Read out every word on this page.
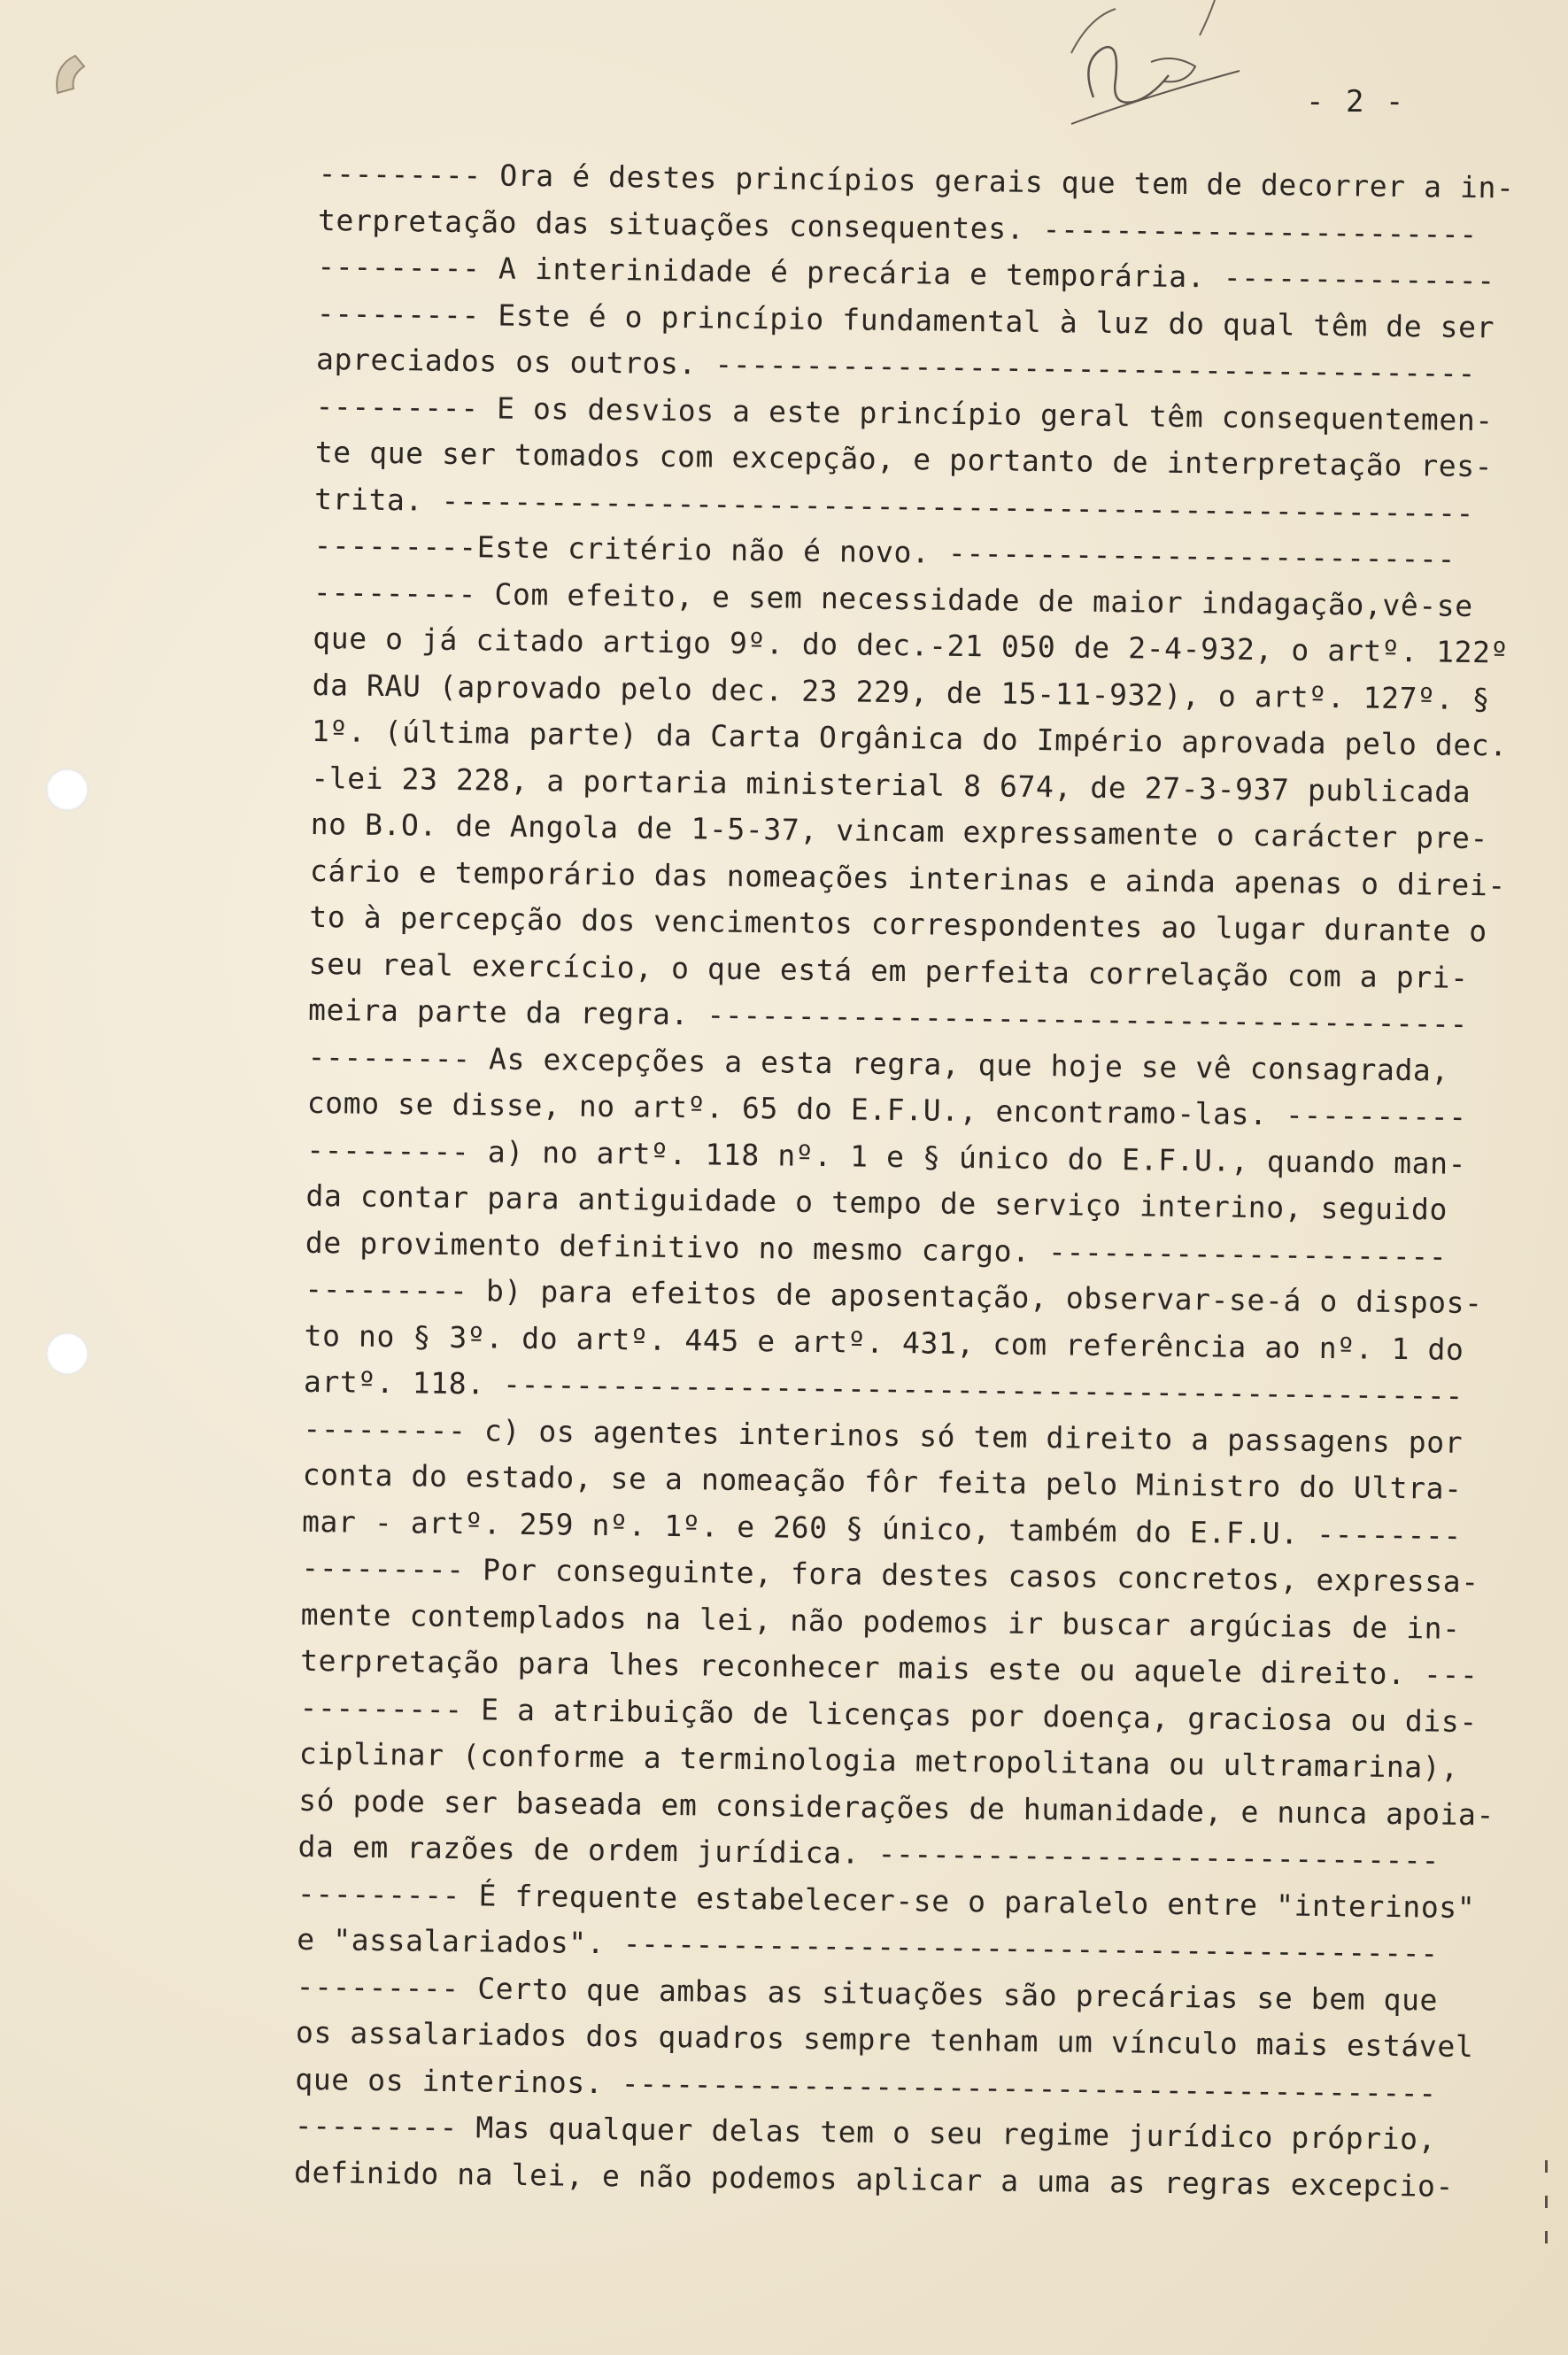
- 2 -
--------- Ora é destes princípios gerais que tem de decorrer a in-
terpretação das situações consequentes. ------------------------
--------- A interinidade é precária e temporária. ---------------
--------- Este é o princípio fundamental à luz do qual têm de ser
apreciados os outros. ------------------------------------------
--------- E os desvios a este princípio geral têm consequentemen-
te que ser tomados com excepção, e portanto de interpretação res-
trita. ---------------------------------------------------------
---------Este critério não é novo. ----------------------------
--------- Com efeito, e sem necessidade de maior indagação,vê-se
que o já citado artigo 9º. do dec.-21 050 de 2-4-932, o artº. 122º
da RAU (aprovado pelo dec. 23 229, de 15-11-932), o artº. 127º. §
1º. (última parte) da Carta Orgânica do Império aprovada pelo dec.
-lei 23 228, a portaria ministerial 8 674, de 27-3-937 publicada
no B.O. de Angola de 1-5-37, vincam expressamente o carácter pre-
cário e temporário das nomeações interinas e ainda apenas o direi-
to à percepção dos vencimentos correspondentes ao lugar durante o
seu real exercício, o que está em perfeita correlação com a pri-
meira parte da regra. ------------------------------------------
--------- As excepções a esta regra, que hoje se vê consagrada,
como se disse, no artº. 65 do E.F.U., encontramo-las. ----------
--------- a) no artº. 118 nº. 1 e § único do E.F.U., quando man-
da contar para antiguidade o tempo de serviço interino, seguido
de provimento definitivo no mesmo cargo. ----------------------
--------- b) para efeitos de aposentação, observar-se-á o dispos-
to no § 3º. do artº. 445 e artº. 431, com referência ao nº. 1 do
artº. 118. -----------------------------------------------------
--------- c) os agentes interinos só tem direito a passagens por
conta do estado, se a nomeação fôr feita pelo Ministro do Ultra-
mar - artº. 259 nº. 1º. e 260 § único, também do E.F.U. --------
--------- Por conseguinte, fora destes casos concretos, expressa-
mente contemplados na lei, não podemos ir buscar argúcias de in-
terpretação para lhes reconhecer mais este ou aquele direito. ---
--------- E a atribuição de licenças por doença, graciosa ou dis-
ciplinar (conforme a terminologia metropolitana ou ultramarina),
só pode ser baseada em considerações de humanidade, e nunca apoia-
da em razões de ordem jurídica. -------------------------------
--------- É frequente estabelecer-se o paralelo entre "interinos"
e "assalariados". ---------------------------------------------
--------- Certo que ambas as situações são precárias se bem que
os assalariados dos quadros sempre tenham um vínculo mais estável
que os interinos. ---------------------------------------------
--------- Mas qualquer delas tem o seu regime jurídico próprio,
definido na lei, e não podemos aplicar a uma as regras excepcio-
